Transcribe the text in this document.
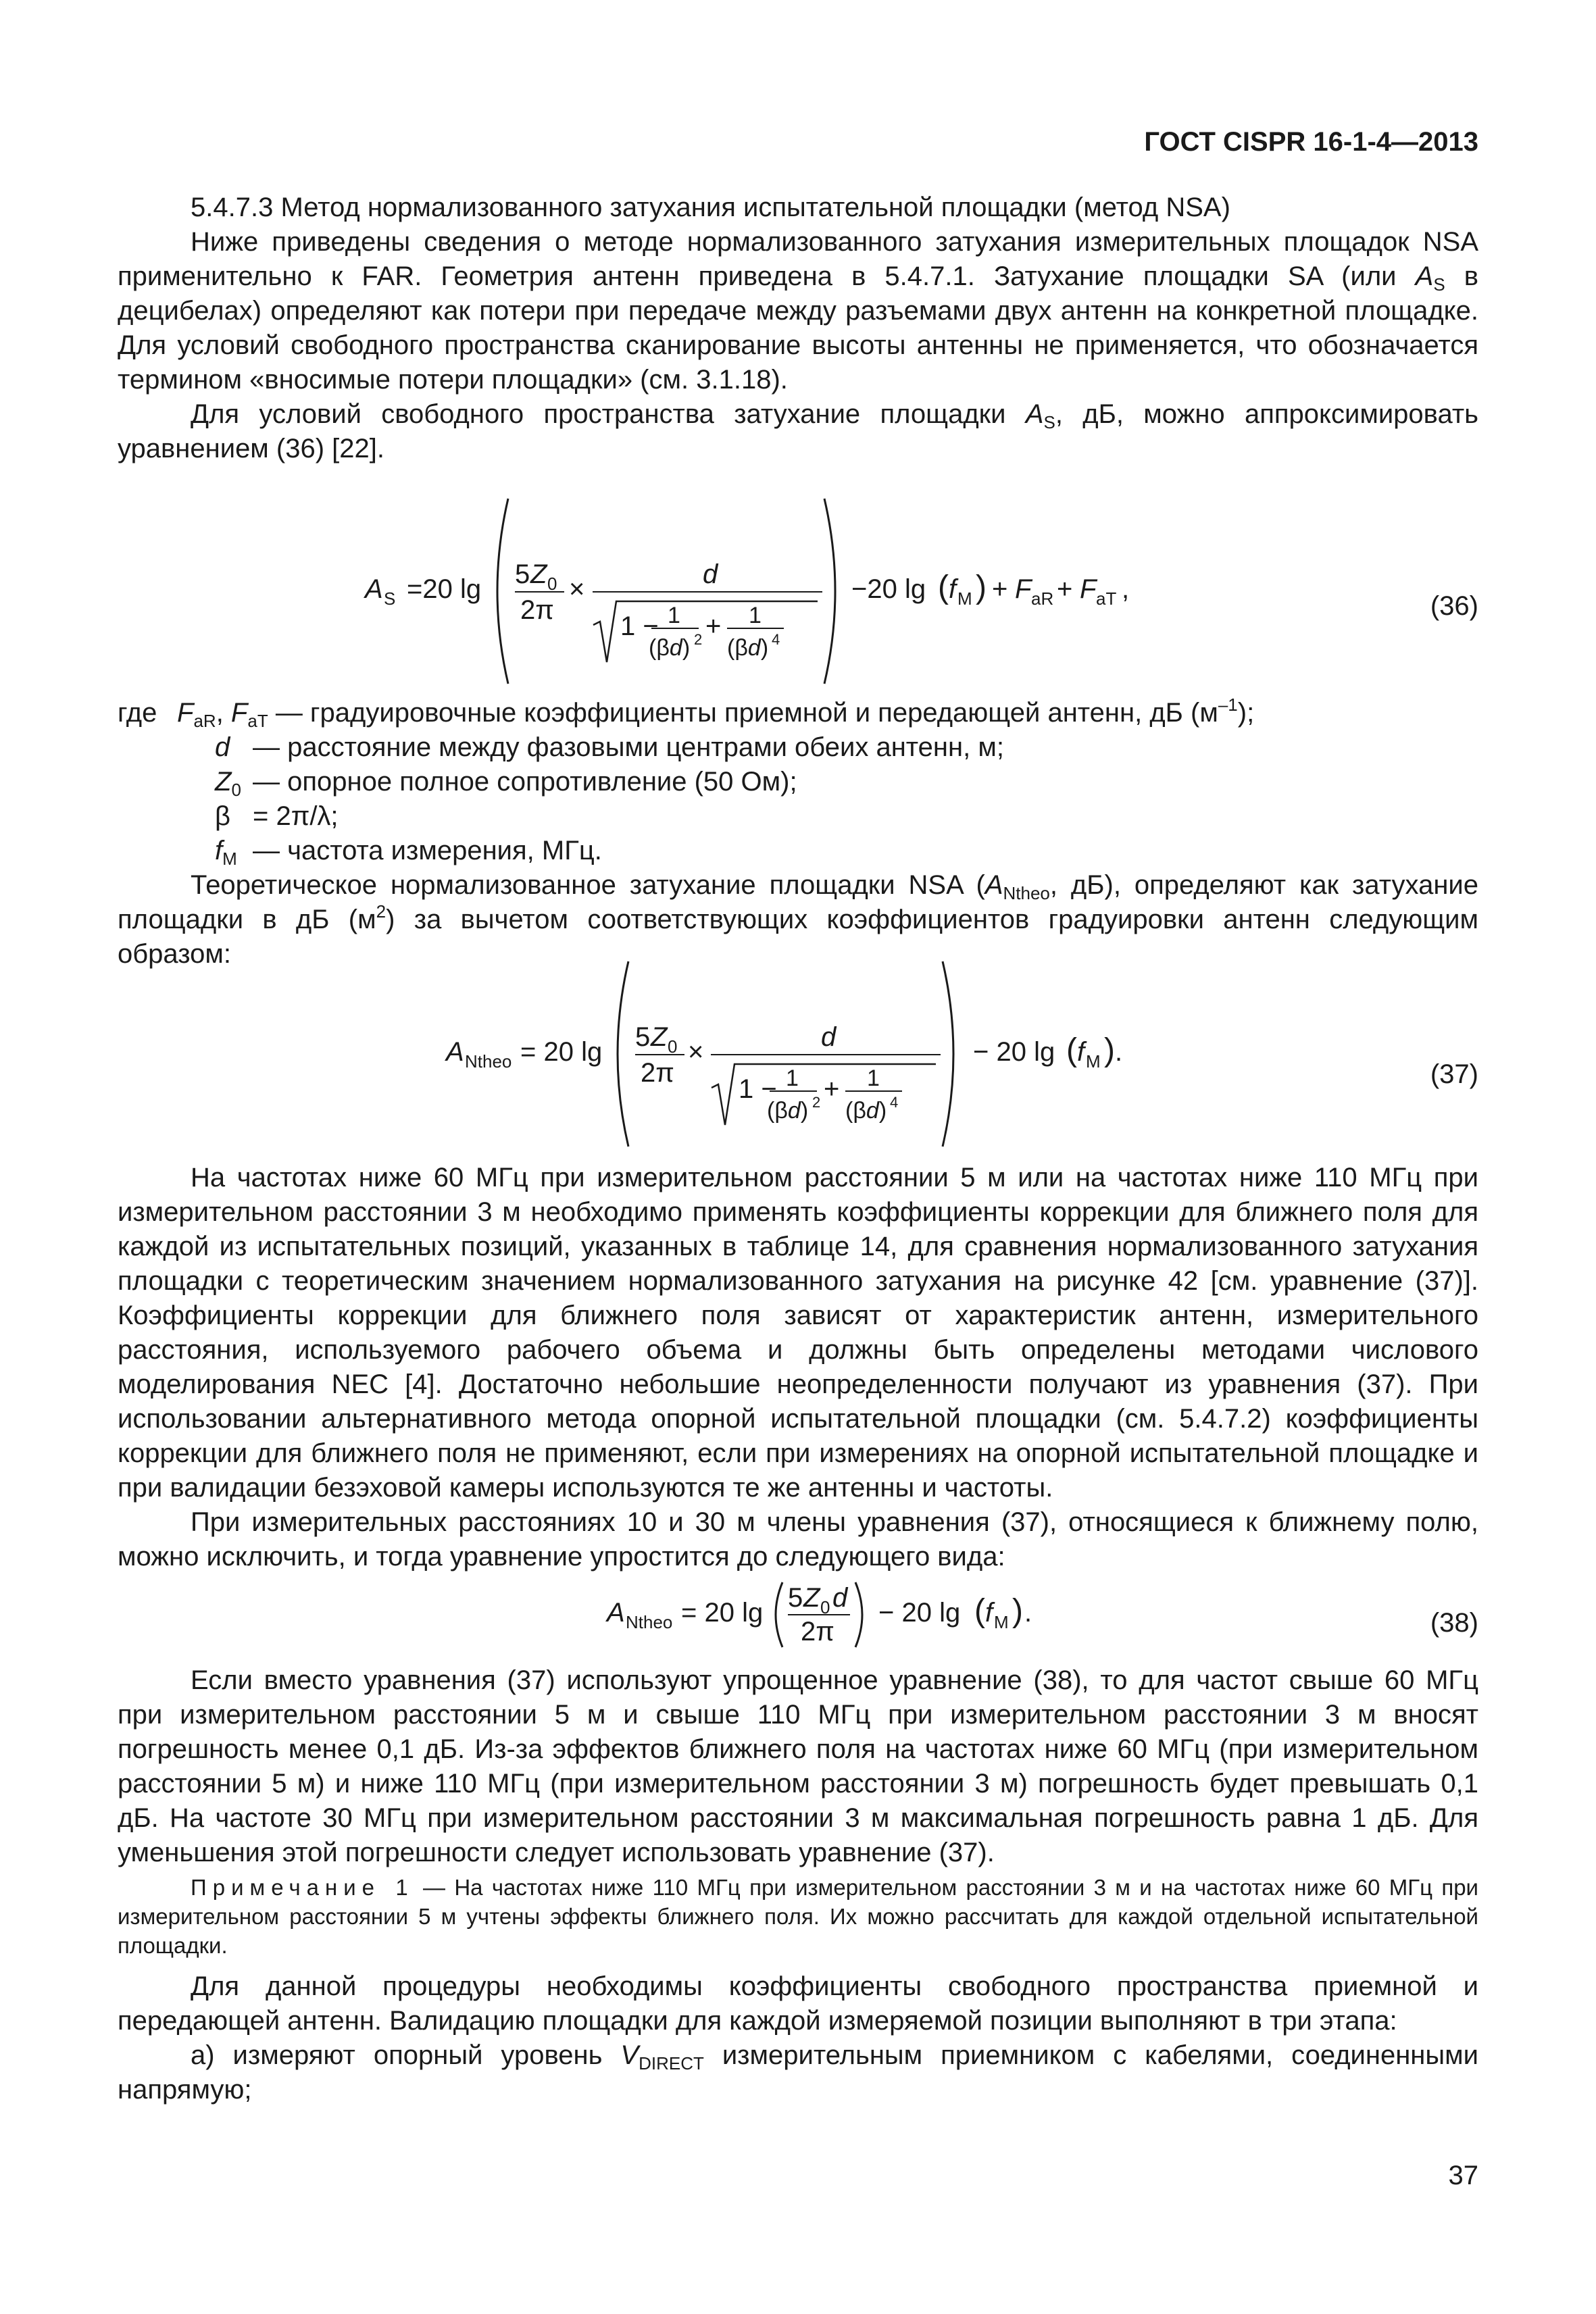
ГОСТ CISPR 16-1-4—2013

5.4.7.3 Метод нормализованного затухания испытательной площадки (метод NSA)

Ниже приведены сведения о методе нормализованного затухания измерительных площадок NSA применительно к FAR. Геометрия антенн приведена в 5.4.7.1. Затухание площадки SA (или $A_S$ в децибелах) определяют как потери при передаче между разъемами двух антенн на конкретной площадке. Для условий свободного пространства сканирование высоты антенны не применяется, что обозначается термином «вносимые потери площадки» (см. 3.1.18).

Для условий свободного пространства затухание площадки $A_S$, дБ, можно аппроксимировать уравнением (36) [22].

A S =20 lg 5 Z 0
2π
×	d
1 − 1
(βd) 2 + 1
(βd) 4
−20 lg ( f M ) + F aR + F aT ,
(36)
где $F_{aR}$, $F_{aT}$ — градуировочные коэффициенты приемной и передающей антенн, дБ $(м^{-1})$;
d — расстояние между фазовыми центрами обеих антенн, м;
$Z_0$ — опорное полное сопротивление (50 Ом);
β = 2π/λ;
$f_M$ — частота измерения, МГц.

Теоретическое нормализованное затухание площадки NSA ($A_{Ntheo}$, дБ), определяют как затухание площадки в дБ $(м^2)$ за вычетом соответствующих коэффициентов градуировки антенн следующим образом:

A Ntheo = 20 lg 5 Z 0
2π
×	d
1 − 1
(βd) 2 + 1
(βd) 4
− 20 lg ( f M ) .
(37)

На частотах ниже 60 МГц при измерительном расстоянии 5 м или на частотах ниже 110 МГц при измерительном расстоянии 3 м необходимо применять коэффициенты коррекции для ближнего поля для каждой из испытательных позиций, указанных в таблице 14, для сравнения нормализованного затухания площадки с теоретическим значением нормализованного затухания на рисунке 42 [см. уравнение (37)]. Коэффициенты коррекции для ближнего поля зависят от характеристик антенн, измерительного расстояния, используемого рабочего объема и должны быть определены методами числового моделирования NEC [4]. Достаточно небольшие неопределенности получают из уравнения (37). При использовании альтернативного метода опорной испытательной площадки (см. 5.4.7.2) коэффициенты коррекции для ближнего поля не применяют, если при измерениях на опорной испытательной площадке и при валидации безэховой камеры используются те же антенны и частоты.

При измерительных расстояниях 10 и 30 м члены уравнения (37), относящиеся к ближнему полю, можно исключить, и тогда уравнение упростится до следующего вида:

A Ntheo = 20 lg 5 Z 0 d
2π
− 20 lg ( f M ) .	(38)

Если вместо уравнения (37) используют упрощенное уравнение (38), то для частот свыше 60 МГц при измерительном расстоянии 5 м и свыше 110 МГц при измерительном расстоянии 3 м вносят погрешность менее 0,1 дБ. Из-за эффектов ближнего поля на частотах ниже 60 МГц (при измерительном расстоянии 5 м) и ниже 110 МГц (при измерительном расстоянии 3 м) погрешность будет превышать 0,1 дБ. На частоте 30 МГц при измерительном расстоянии 3 м максимальная погрешность равна 1 дБ. Для уменьшения этой погрешности следует использовать уравнение (37).

Примечание 1 — На частотах ниже 110 МГц при измерительном расстоянии 3 м и на частотах ниже 60 МГц при измерительном расстоянии 5 м учтены эффекты ближнего поля. Их можно рассчитать для каждой отдельной испытательной площадки.

Для данной процедуры необходимы коэффициенты свободного пространства приемной и передающей антенн. Валидацию площадки для каждой измеряемой позиции выполняют в три этапа:

а) измеряют опорный уровень $V_{DIRECT}$ измерительным приемником с кабелями, соединенными напрямую;

37
